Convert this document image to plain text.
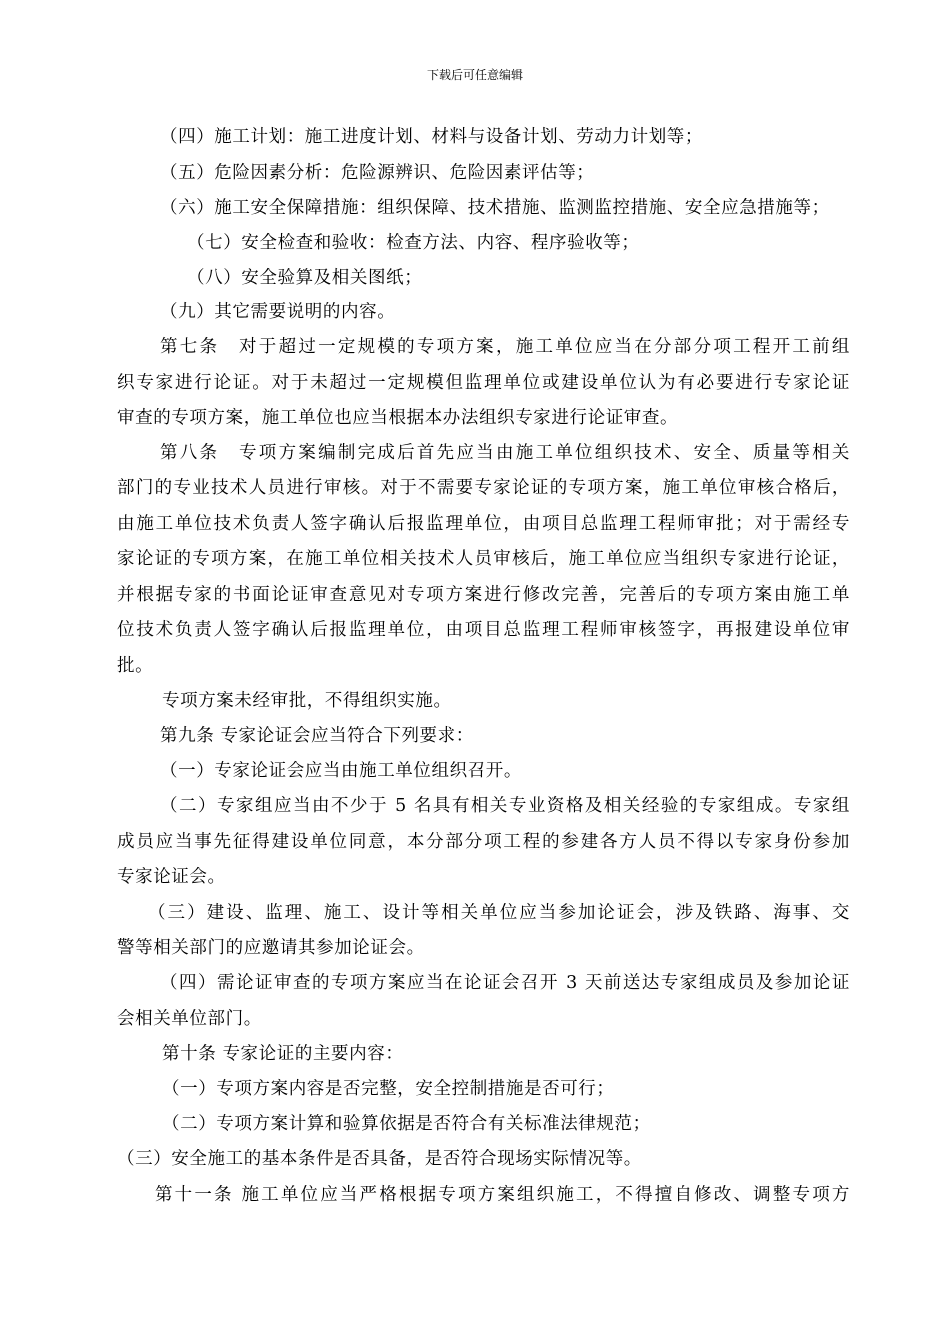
下载后可任意编辑
（四）施工计划：施工进度计划、材料与设备计划、劳动力计划等；
（五）危险因素分析：危险源辨识、危险因素评估等；
（六）施工安全保障措施：组织保障、技术措施、监测监控措施、安全应急措施等；
（七）安全检查和验收：检查方法、内容、程序验收等；
（八）安全验算及相关图纸；
（九）其它需要说明的内容。
第七条　对于超过一定规模的专项方案，施工单位应当在分部分项工程开工前组
织专家进行论证。对于未超过一定规模但监理单位或建设单位认为有必要进行专家论证
审查的专项方案，施工单位也应当根据本办法组织专家进行论证审查。
第八条　专项方案编制完成后首先应当由施工单位组织技术、安全、质量等相关
部门的专业技术人员进行审核。对于不需要专家论证的专项方案，施工单位审核合格后，
由施工单位技术负责人签字确认后报监理单位，由项目总监理工程师审批；对于需经专
家论证的专项方案，在施工单位相关技术人员审核后，施工单位应当组织专家进行论证，
并根据专家的书面论证审查意见对专项方案进行修改完善，完善后的专项方案由施工单
位技术负责人签字确认后报监理单位，由项目总监理工程师审核签字，再报建设单位审
批。
专项方案未经审批，不得组织实施。
第九条 专家论证会应当符合下列要求：
（一）专家论证会应当由施工单位组织召开。
（二）专家组应当由不少于 5 名具有相关专业资格及相关经验的专家组成。专家组
成员应当事先征得建设单位同意，本分部分项工程的参建各方人员不得以专家身份参加
专家论证会。
（三）建设、监理、施工、设计等相关单位应当参加论证会，涉及铁路、海事、交
警等相关部门的应邀请其参加论证会。
（四）需论证审查的专项方案应当在论证会召开 3 天前送达专家组成员及参加论证
会相关单位部门。
第十条 专家论证的主要内容：
（一）专项方案内容是否完整，安全控制措施是否可行；
（二）专项方案计算和验算依据是否符合有关标准法律规范；
（三）安全施工的基本条件是否具备，是否符合现场实际情况等。
第十一条 施工单位应当严格根据专项方案组织施工，不得擅自修改、调整专项方
